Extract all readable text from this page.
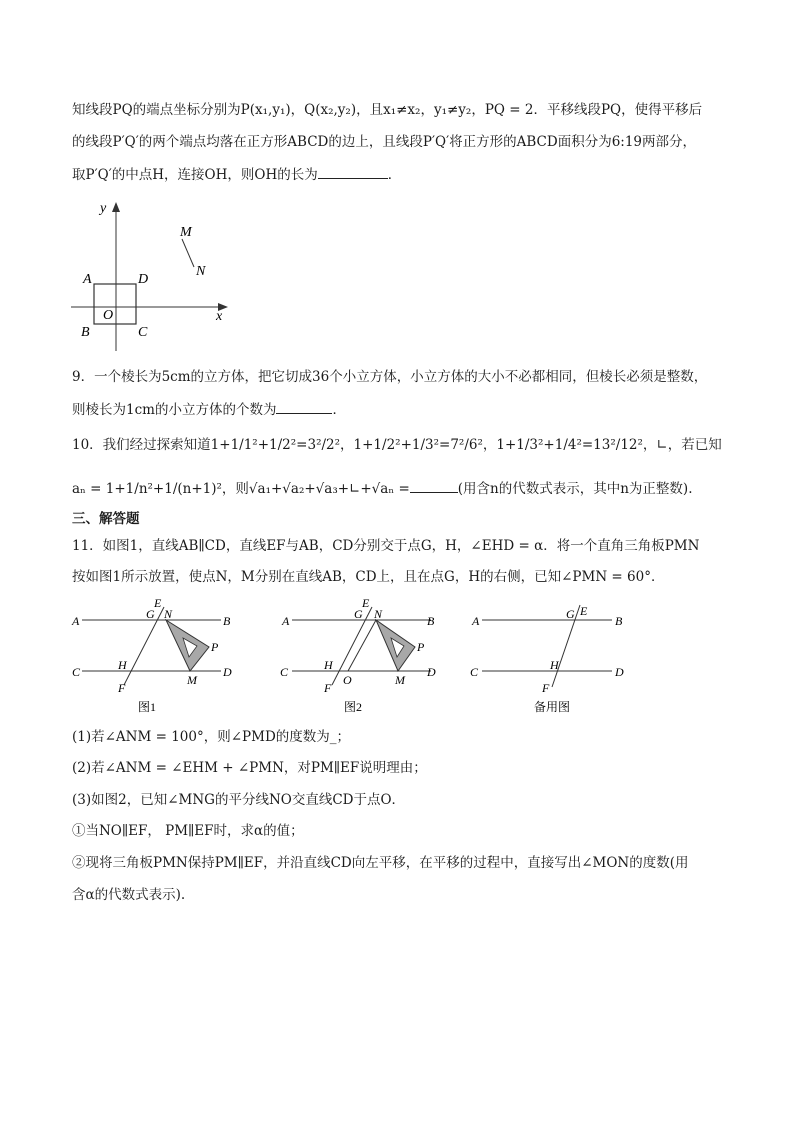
知线段PQ的端点坐标分别为P(x₁,y₁)，Q(x₂,y₂)，且x₁≠x₂，y₁≠y₂，PQ = 2．平移线段PQ，使得平移后
的线段P′Q′的两个端点均落在正方形ABCD的边上，且线段P′Q′将正方形的ABCD面积分为6:19两部分，
取P′Q′的中点H，连接OH，则OH的长为	．
y
x
O
A
B	C
D
M
N
9．一个棱长为5cm的立方体，把它切成36个小立方体，小立方体的大小不必都相同，但棱长必须是整数，
则棱长为1cm的小立方体的个数为	．
10．我们经过探索知道1+1/1²+1/2²=3²/2²，1+1/2²+1/3²=7²/6²，1+1/3²+1/4²=13²/12²，∟，若已知
aₙ = 1+1/n²+1/(n+1)²，则√a₁+√a₂+√a₃+∟+√aₙ =	(用含n的代数式表示，其中n为正整数).
三、解答题
11．如图1，直线AB∥CD，直线EF与AB，CD分别交于点G，H，∠EHD = α．将一个直角三角板PMN
按如图1所示放置，使点N，M分别在直线AB，CD上，且在点G，H的右侧，已知∠PMN = 60°．
A	B
C	D
E
G N
P
H
M
F
图1
A	B
C	D
E
G N
P
H
O	M
F
图2
A	B
C	D
G E
H
F
备用图
(1)若∠ANM = 100°，则∠PMD的度数为_；
(2)若∠ANM = ∠EHM + ∠PMN，对PM∥EF说明理由；
(3)如图2，已知∠MNG的平分线NO交直线CD于点O．
①当NO∥EF， PM∥EF时，求α的值；
②现将三角板PMN保持PM∥EF，并沿直线CD向左平移，在平移的过程中，直接写出∠MON的度数(用
含α的代数式表示).
